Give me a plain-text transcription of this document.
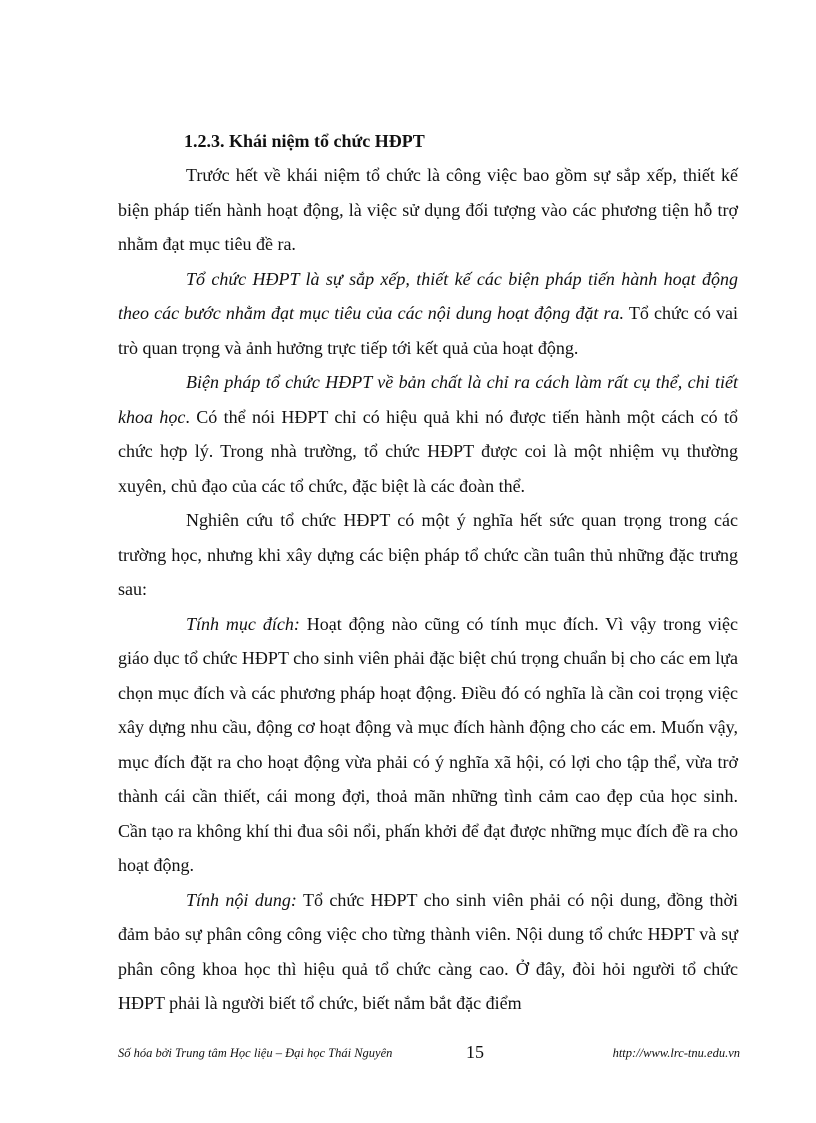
1.2.3. Khái niệm tổ chức HĐPT

Trước hết về khái niệm tổ chức là công việc bao gồm sự sắp xếp, thiết kế biện pháp tiến hành hoạt động, là việc sử dụng đối tượng vào các phương tiện hỗ trợ nhằm đạt mục tiêu đề ra.

Tổ chức HĐPT là sự sắp xếp, thiết kế các biện pháp tiến hành hoạt động theo các bước nhằm đạt mục tiêu của các nội dung hoạt động đặt ra. Tổ chức có vai trò quan trọng và ảnh hưởng trực tiếp tới kết quả của hoạt động.

Biện pháp tổ chức HĐPT về bản chất là chỉ ra cách làm rất cụ thể, chi tiết khoa học. Có thể nói HĐPT chỉ có hiệu quả khi nó được tiến hành một cách có tổ chức hợp lý. Trong nhà trường, tổ chức HĐPT được coi là một nhiệm vụ thường xuyên, chủ đạo của các tổ chức, đặc biệt là các đoàn thể.

Nghiên cứu tổ chức HĐPT có một ý nghĩa hết sức quan trọng trong các trường học, nhưng khi xây dựng các biện pháp tổ chức cần tuân thủ những đặc trưng sau:

Tính mục đích: Hoạt động nào cũng có tính mục đích. Vì vậy trong việc giáo dục tổ chức HĐPT cho sinh viên phải đặc biệt chú trọng chuẩn bị cho các em lựa chọn mục đích và các phương pháp hoạt động. Điều đó có nghĩa là cần coi trọng việc xây dựng nhu cầu, động cơ hoạt động và mục đích hành động cho các em. Muốn vậy, mục đích đặt ra cho hoạt động vừa phải có ý nghĩa xã hội, có lợi cho tập thể, vừa trở thành cái cần thiết, cái mong đợi, thoả mãn những tình cảm cao đẹp của học sinh. Cần tạo ra không khí thi đua sôi nổi, phấn khởi để đạt được những mục đích đề ra cho hoạt động.

Tính nội dung: Tổ chức HĐPT cho sinh viên phải có nội dung, đồng thời đảm bảo sự phân công công việc cho từng thành viên. Nội dung tổ chức HĐPT và sự phân công khoa học thì hiệu quả tổ chức càng cao. Ở đây, đòi hỏi người tổ chức HĐPT phải là người biết tổ chức, biết nắm bắt đặc điểm

Số hóa bởi Trung tâm Học liệu – Đại học Thái Nguyên	15	http://www.lrc-tnu.edu.vn
